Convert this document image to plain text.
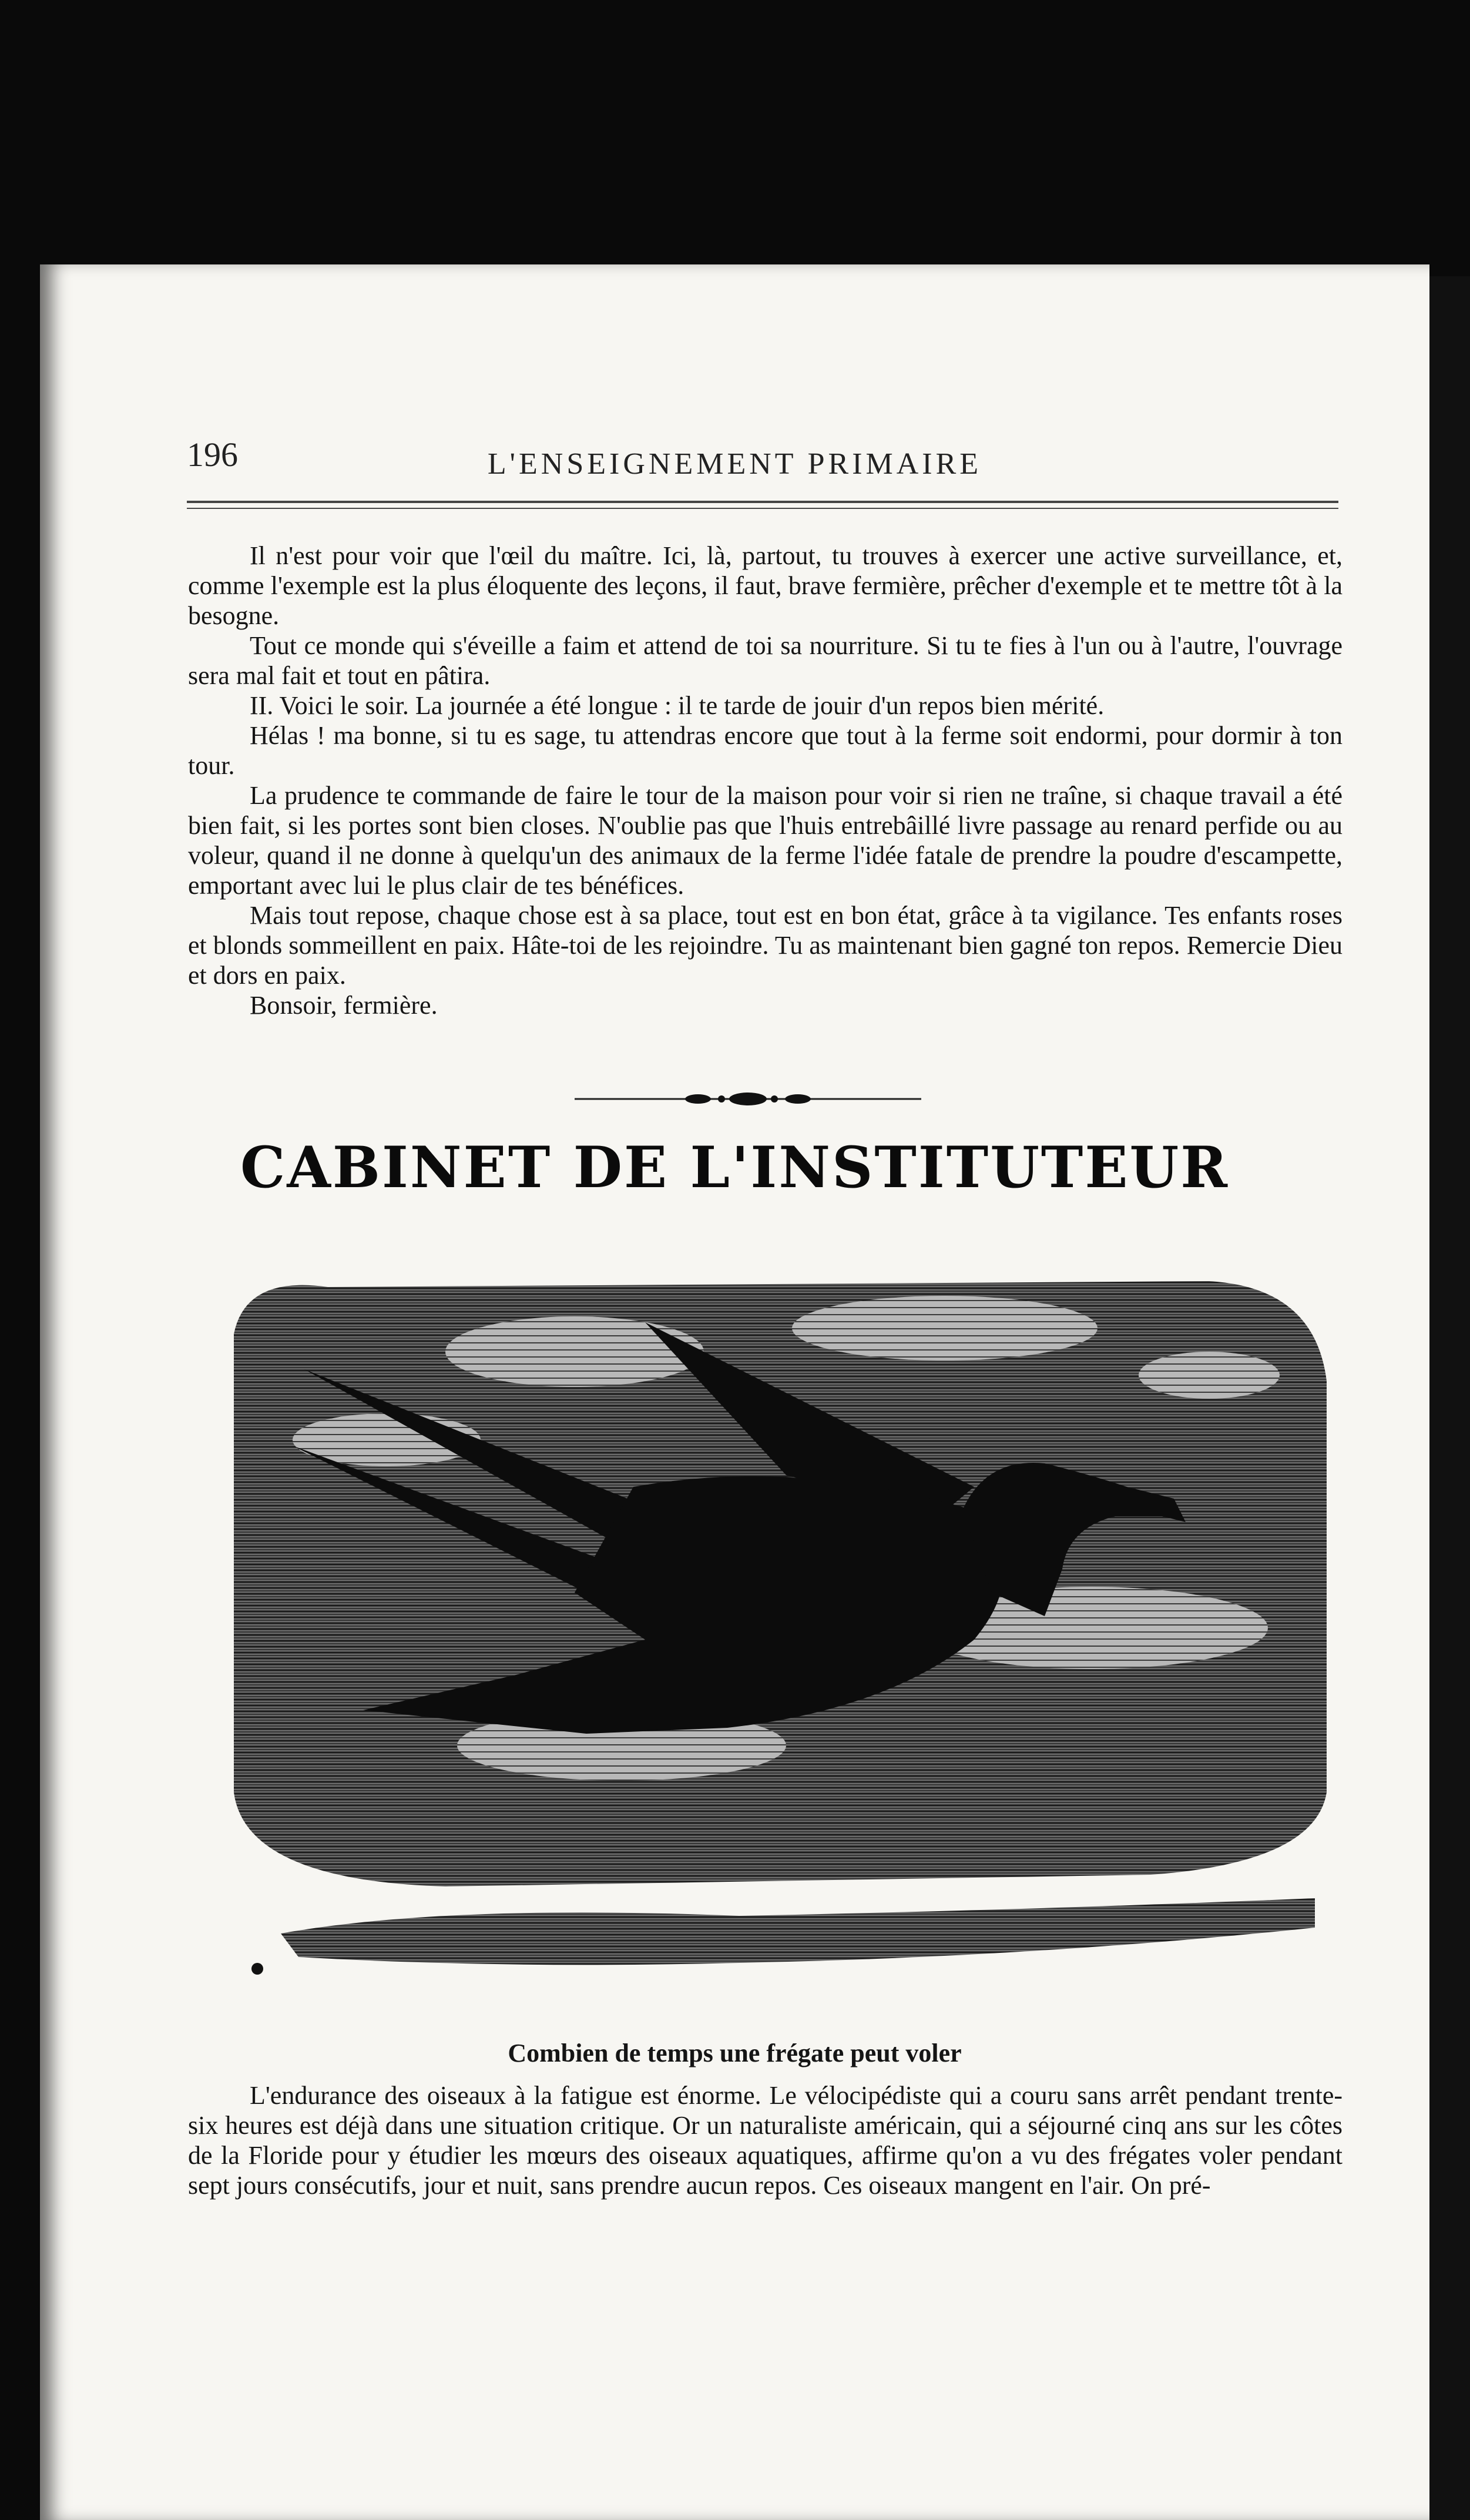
196	L'ENSEIGNEMENT PRIMAIRE

Il n'est pour voir que l'œil du maître. Ici, là, partout, tu trouves à exercer une active surveillance, et, comme l'exemple est la plus éloquente des leçons, il faut, brave fermière, prêcher d'exemple et te mettre tôt à la besogne.

Tout ce monde qui s'éveille a faim et attend de toi sa nourriture. Si tu te fies à l'un ou à l'autre, l'ouvrage sera mal fait et tout en pâtira.

II. Voici le soir. La journée a été longue : il te tarde de jouir d'un repos bien mérité.

Hélas ! ma bonne, si tu es sage, tu attendras encore que tout à la ferme soit endormi, pour dormir à ton tour.

La prudence te commande de faire le tour de la maison pour voir si rien ne traîne, si chaque travail a été bien fait, si les portes sont bien closes. N'oublie pas que l'huis entrebâillé livre passage au renard perfide ou au voleur, quand il ne donne à quelqu'un des animaux de la ferme l'idée fatale de prendre la poudre d'escampette, emportant avec lui le plus clair de tes bénéfices.

Mais tout repose, chaque chose est à sa place, tout est en bon état, grâce à ta vigilance. Tes enfants roses et blonds sommeillent en paix. Hâte-toi de les rejoindre. Tu as maintenant bien gagné ton repos. Remercie Dieu et dors en paix.

Bonsoir, fermière.

CABINET DE L'INSTITUTEUR
Combien de temps une frégate peut voler

L'endurance des oiseaux à la fatigue est énorme. Le vélocipédiste qui a couru sans arrêt pendant trente-six heures est déjà dans une situation critique. Or un naturaliste américain, qui a séjourné cinq ans sur les côtes de la Floride pour y étudier les mœurs des oiseaux aquatiques, affirme qu'on a vu des frégates voler pendant sept jours consécutifs, jour et nuit, sans prendre aucun repos. Ces oiseaux mangent en l'air. On pré-
